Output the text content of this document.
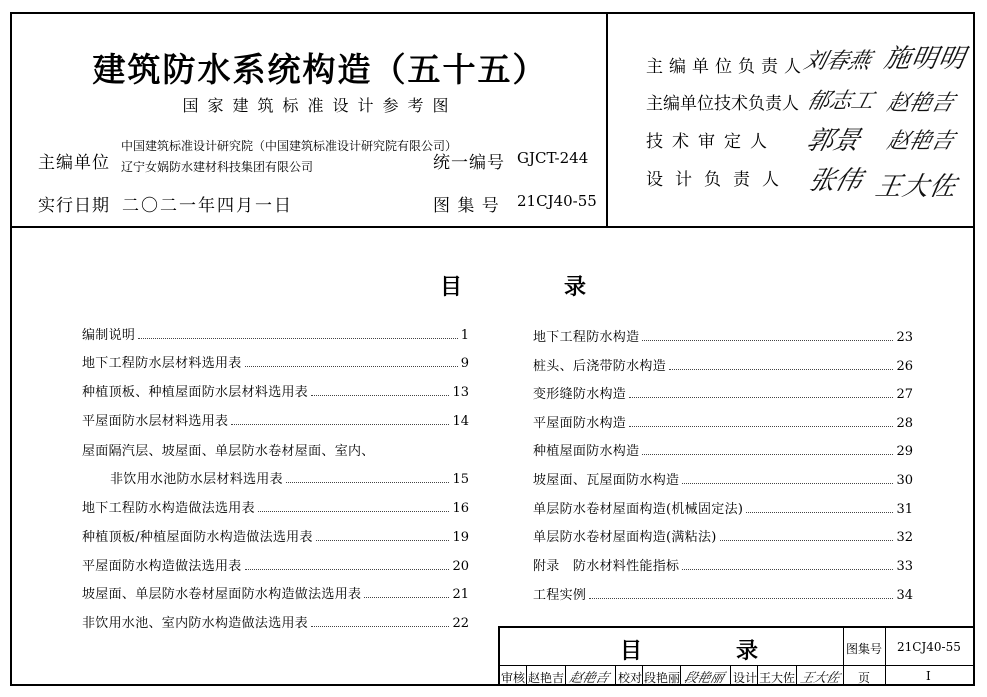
建筑防水系统构造（五十五）
国家建筑标准设计参考图
主编单位
中国建筑标准设计研究院（中国建筑标准设计研究院有限公司）
辽宁女娲防水建材科技集团有限公司	统一编号 GJCT-244
实行日期 二〇二一年四月一日	图 集 号 21CJ40-55
主编单位负责人
刘春燕 施明明
主编单位技术负责人 郁志工 赵艳吉
技术审定人 郭景 赵艳吉
设计负责人 张伟 王大佐
目　录
编制说明	1
地下工程防水层材料选用表	9
种植顶板、种植屋面防水层材料选用表	13
平屋面防水层材料选用表	14
屋面隔汽层、坡屋面、单层防水卷材屋面、室内、
非饮用水池防水层材料选用表	15
地下工程防水构造做法选用表	16
种植顶板/种植屋面防水构造做法选用表	19
平屋面防水构造做法选用表	20
坡屋面、单层防水卷材屋面防水构造做法选用表	21
非饮用水池、室内防水构造做法选用表	22
地下工程防水构造	23
桩头、后浇带防水构造	26
变形缝防水构造	27
平屋面防水构造	28
种植屋面防水构造	29
坡屋面、瓦屋面防水构造	30
单层防水卷材屋面构造(机械固定法)	31
单层防水卷材屋面构造(满粘法)	32
附录　防水材料性能指标	33
工程实例	34
目　录	图集号 21CJ40-55
审核 赵艳吉 赵艳吉 校对 段艳丽 段艳丽 设计 王大佐 王大佐 页	I
